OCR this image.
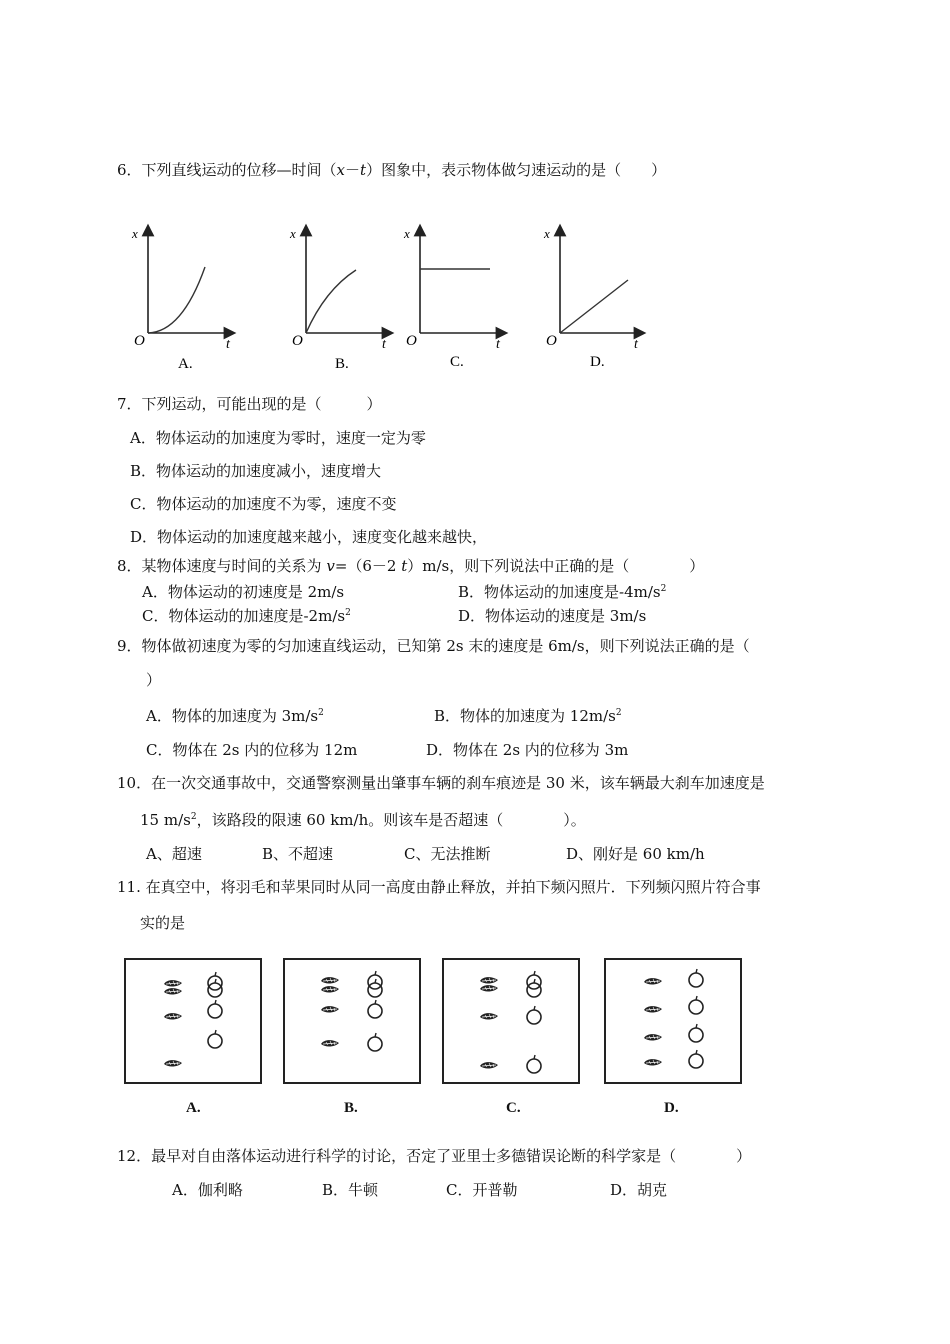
6．下列直线运动的位移—时间（x－t）图象中，表示物体做匀速运动的是（　　）
x
O	t
A.
x
O	t
B.
x
O	t
C.
x
O	t
D.
7．下列运动，可能出现的是（　　　）
A．物体运动的加速度为零时，速度一定为零
B．物体运动的加速度减小，速度增大
C．物体运动的加速度不为零，速度不变
D．物体运动的加速度越来越小，速度变化越来越快，
8．某物体速度与时间的关系为 v=（6－2 t）m/s，则下列说法中正确的是（　　　　）
A．物体运动的初速度是 2m/s	B．物体运动的加速度是$-4m/s^2$
C．物体运动的加速度是$-2m/s^2$	D．物体运动的速度是 3m/s
9．物体做初速度为零的匀加速直线运动，已知第 2s 末的速度是 6m/s，则下列说法正确的是（
）
A．物体的加速度为 $3m/s^2$	B．物体的加速度为 $12m/s^2$
C．物体在 2s 内的位移为 12m	D．物体在 2s 内的位移为 3m
10．在一次交通事故中，交通警察测量出肇事车辆的刹车痕迹是 30 米，该车辆最大刹车加速度是
15 $m/s^2$，该路段的限速 60 km/h。则该车是否超速（　　　　）。
A、超速	B、不超速	C、无法推断	D、刚好是 60 km/h
11. 在真空中，将羽毛和苹果同时从同一高度由静止释放，并拍下频闪照片．下列频闪照片符合事
实的是
A.	B.	C.	D.
12．最早对自由落体运动进行科学的讨论，否定了亚里士多德错误论断的科学家是（　　　　）
A．伽利略	B．牛顿	C．开普勒	D．胡克
